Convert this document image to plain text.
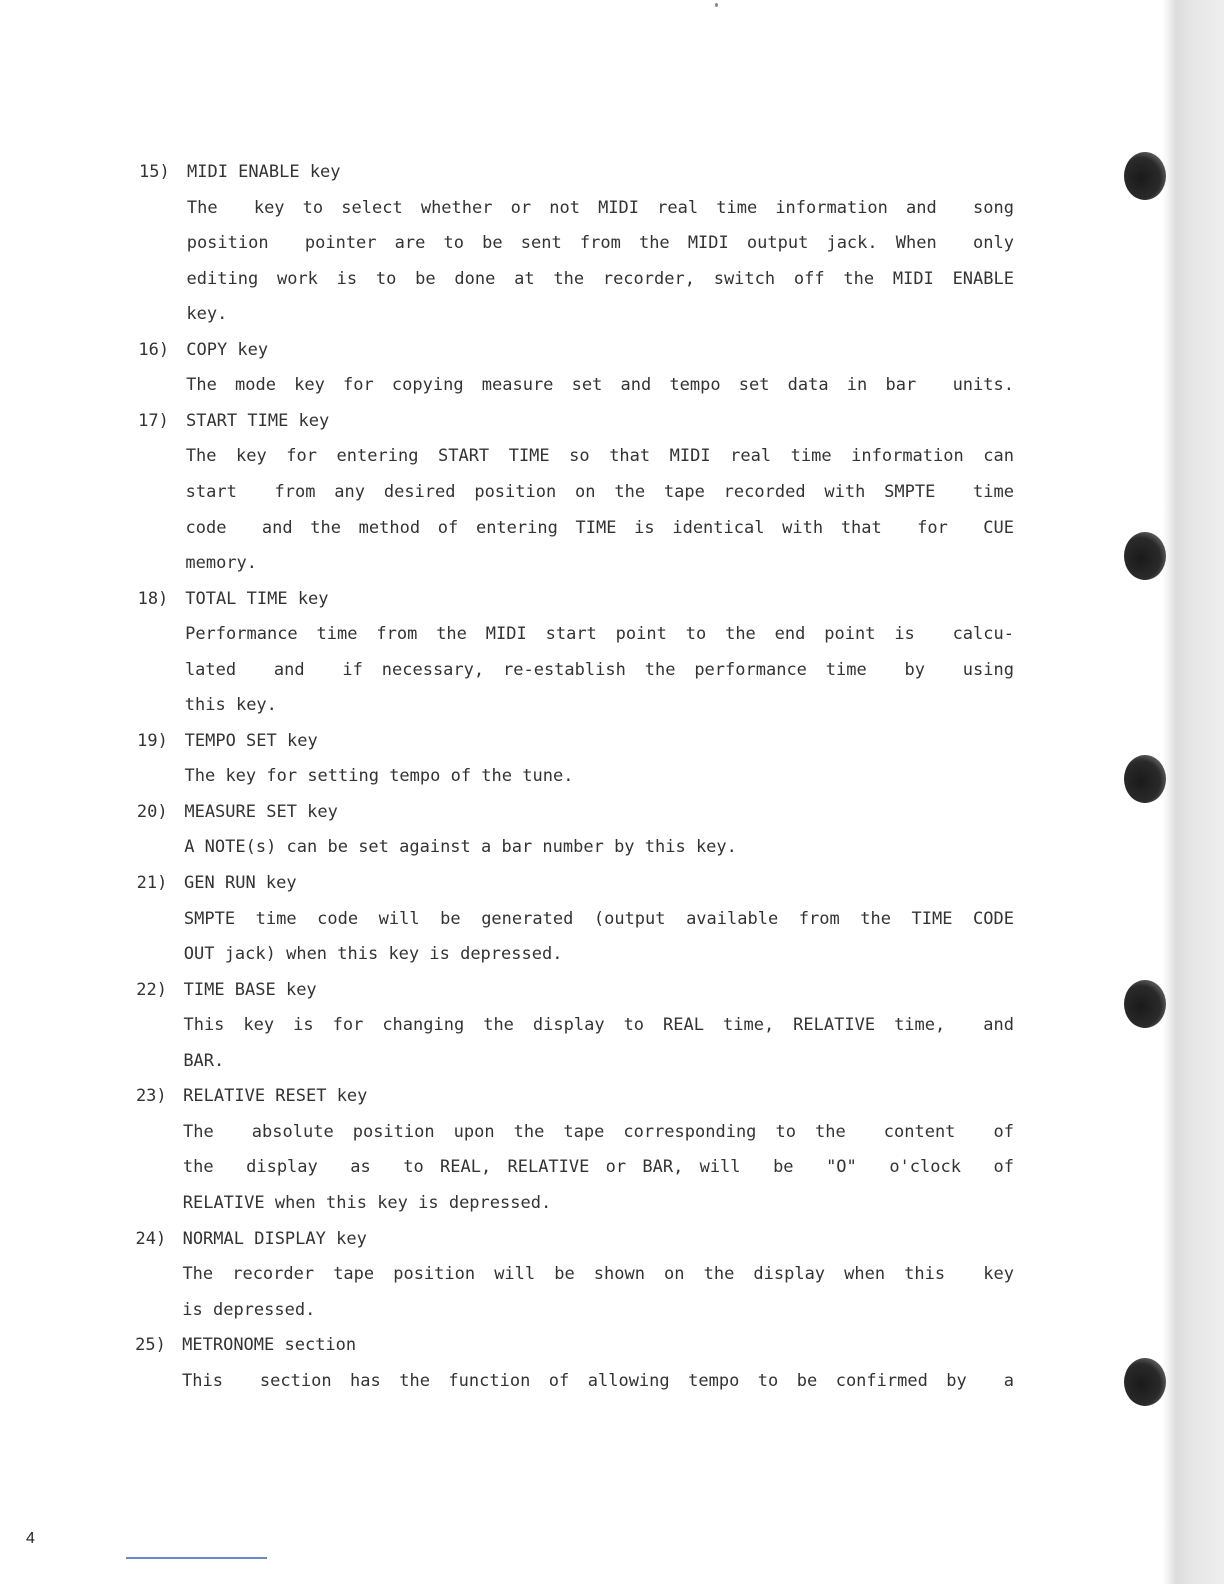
15) MIDI ENABLE key
The  key to select whether or not MIDI real time information and  song
position  pointer are to be sent from the MIDI output jack. When  only
editing work is to be done at the recorder, switch off the MIDI ENABLE
key.
16) COPY key
The mode key for copying measure set and tempo set data in bar  units.
17) START TIME key
The key for entering START TIME so that MIDI real time information can
start  from any desired position on the tape recorded with SMPTE  time
code  and the method of entering TIME is identical with that  for  CUE
memory.
18) TOTAL TIME key
Performance time from the MIDI start point to the end point is  calcu-
lated  and  if necessary, re-establish the performance time  by  using
this key.
19) TEMPO SET key
The key for setting tempo of the tune.
20) MEASURE SET key
A NOTE(s) can be set against a bar number by this key.
21) GEN RUN key
SMPTE time code will be generated (output available from the TIME CODE
OUT jack) when this key is depressed.
22) TIME BASE key
This key is for changing the display to REAL time, RELATIVE time,  and
BAR.
23) RELATIVE RESET key
The  absolute position upon the tape corresponding to the  content  of
the  display  as  to REAL, RELATIVE or BAR, will  be  "O"  o'clock  of
RELATIVE when this key is depressed.
24) NORMAL DISPLAY key
The recorder tape position will be shown on the display when this  key
is depressed.
25) METRONOME section
This  section has the function of allowing tempo to be confirmed by  a
4
